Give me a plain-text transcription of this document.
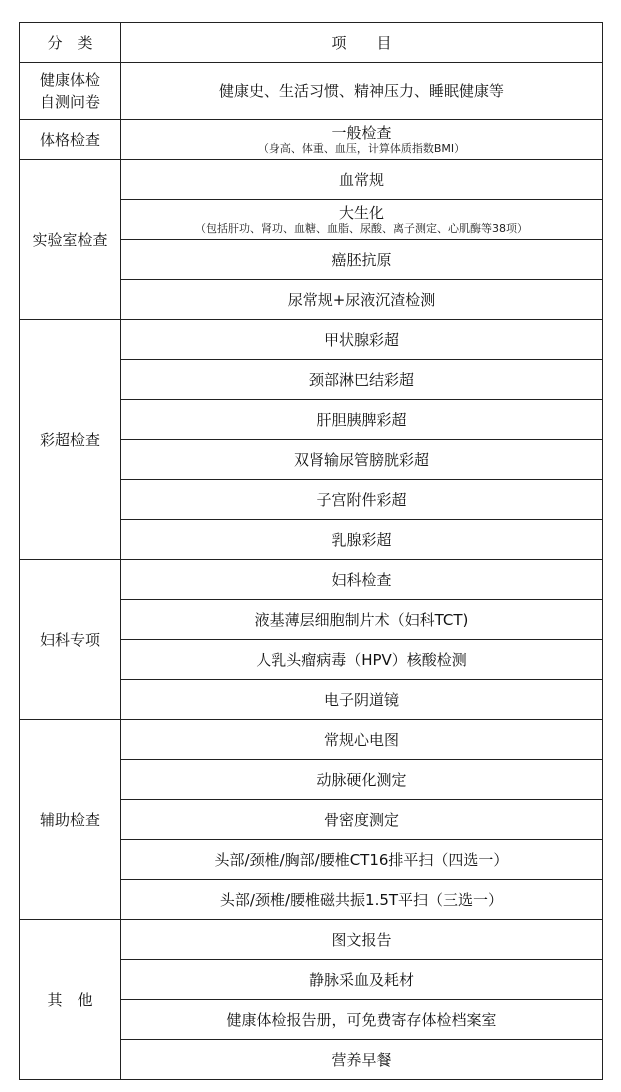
分　类	项　　目

健康体检
自测问卷	健康史、生活习惯、精神压力、睡眠健康等
体格检查	一般检查
（身高、体重、血压，计算体质指数BMI）

实验室检查	血常规

	大生化
（包括肝功、肾功、血糖、血脂、尿酸、离子测定、心肌酶等38项）

	癌胚抗原
	尿常规+尿液沉渣检测
彩超检查	甲状腺彩超
	颈部淋巴结彩超
	肝胆胰脾彩超
	双肾输尿管膀胱彩超
	子宫附件彩超
	乳腺彩超
妇科专项	妇科检查
	液基薄层细胞制片术（妇科TCT)
	人乳头瘤病毒（HPV）核酸检测
	电子阴道镜
辅助检查	常规心电图
	动脉硬化测定
	骨密度测定
	头部/颈椎/胸部/腰椎CT16排平扫（四选一）
	头部/颈椎/腰椎磁共振1.5T平扫（三选一）
其　他	图文报告
	静脉采血及耗材
	健康体检报告册，可免费寄存体检档案室
	营养早餐
